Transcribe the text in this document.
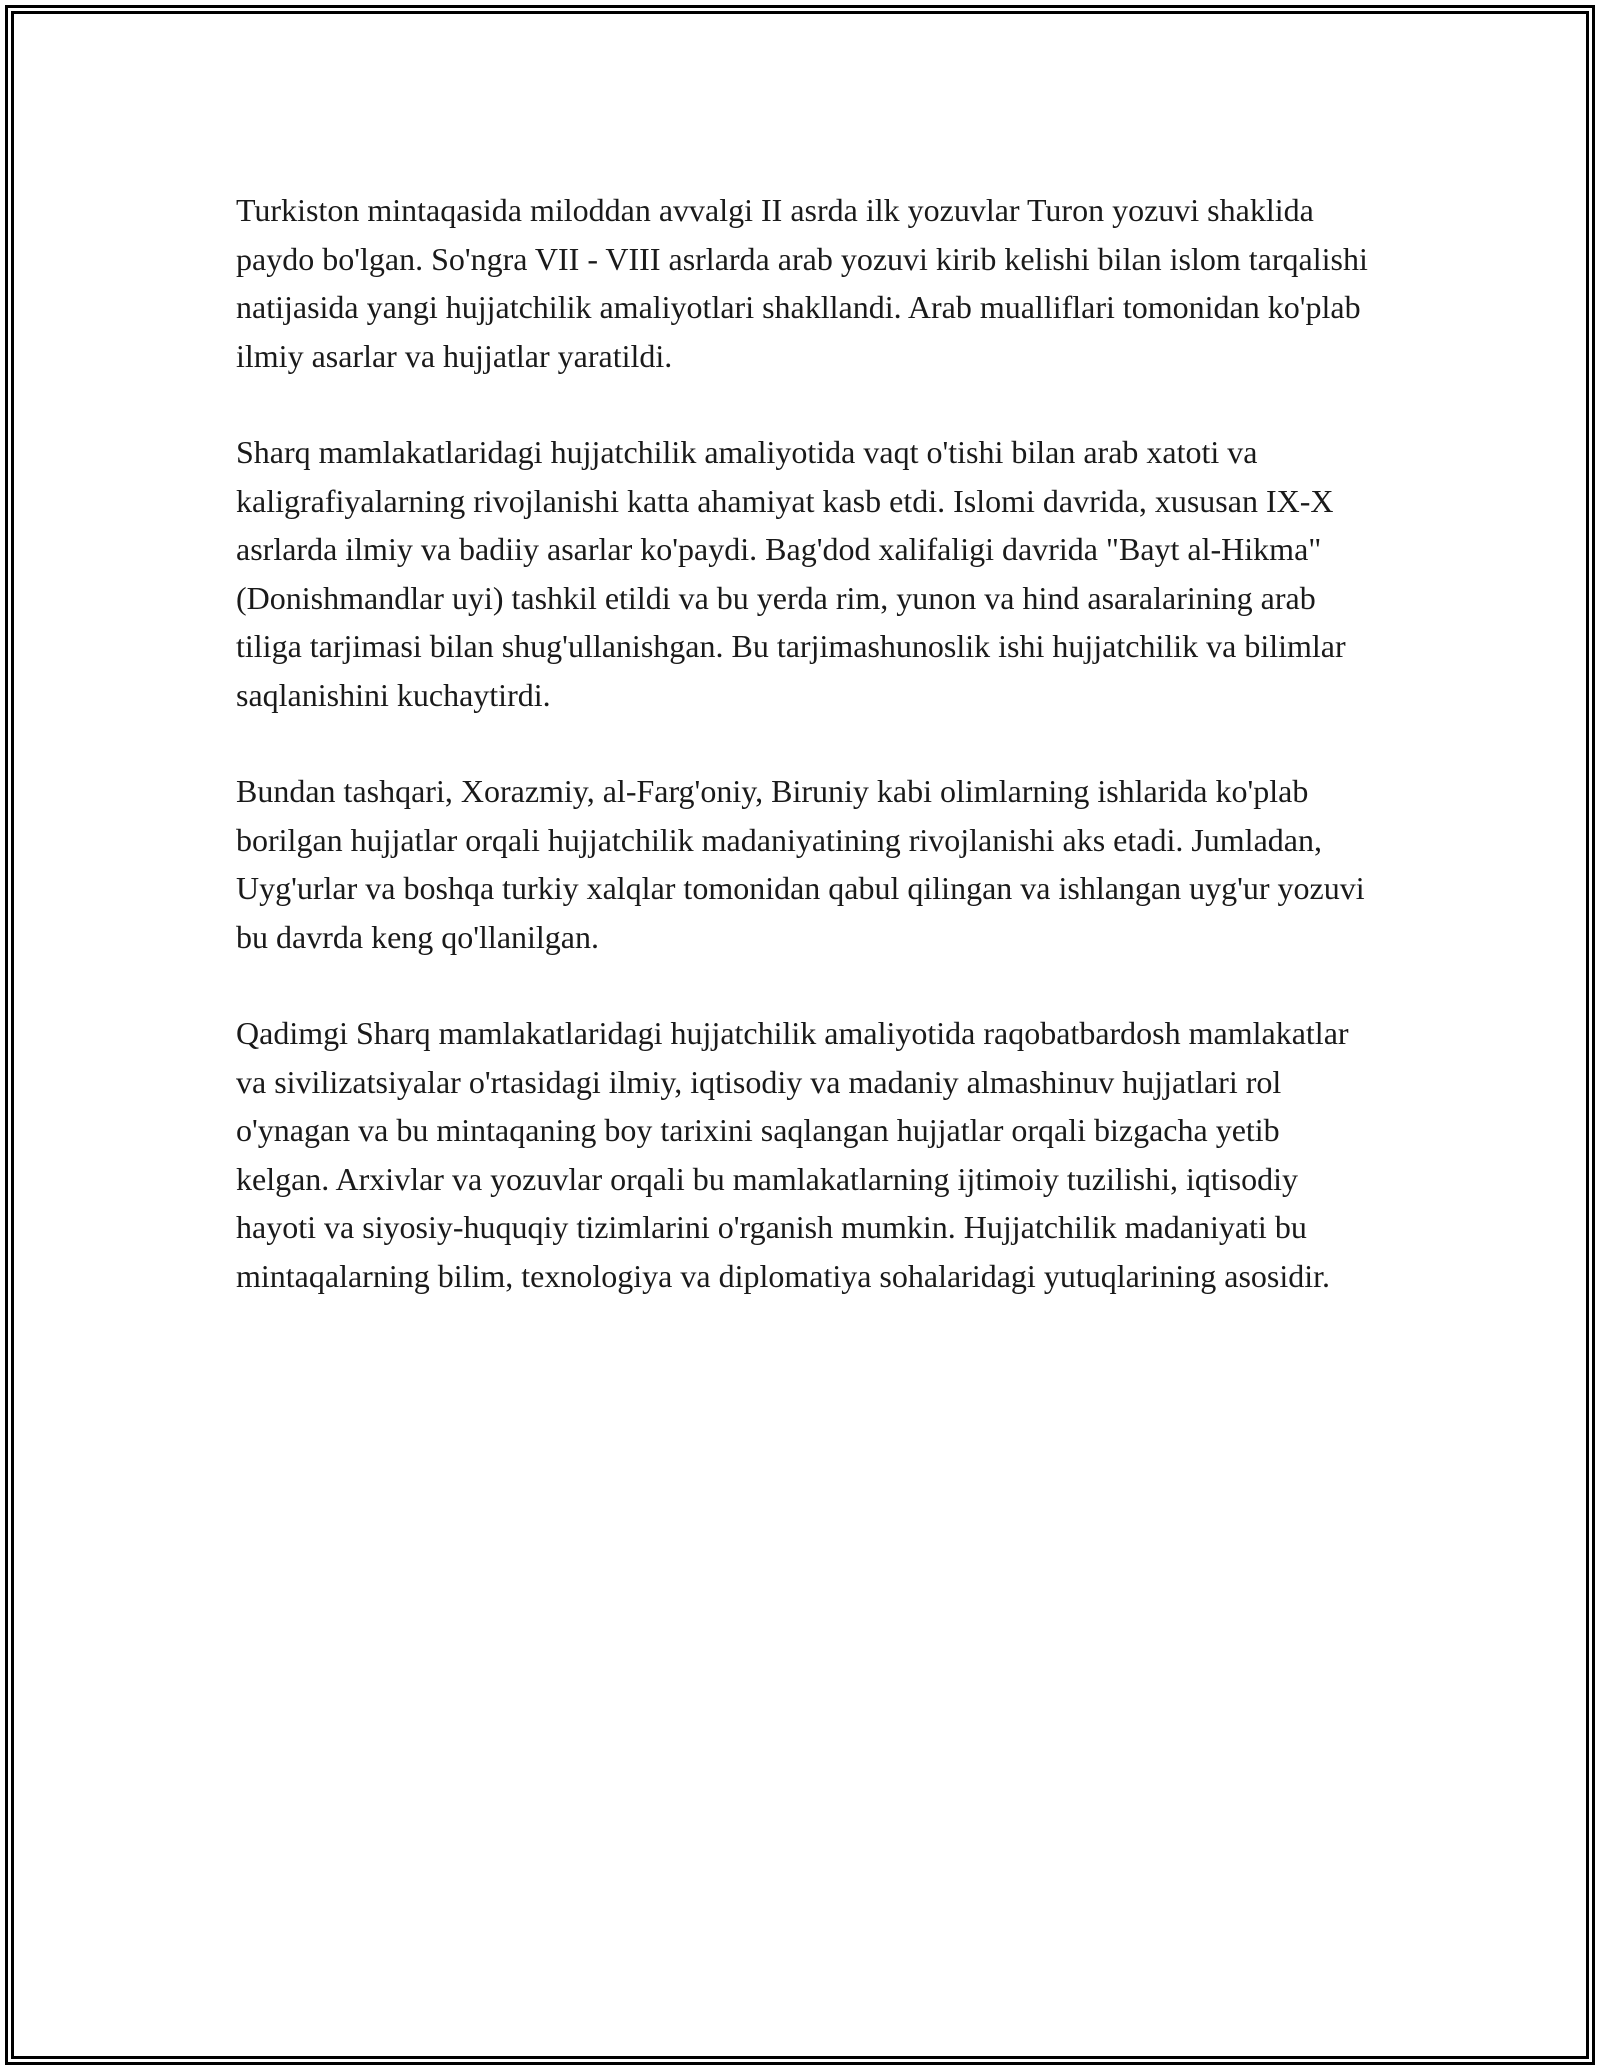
Turkiston mintaqasida miloddan avvalgi II asrda ilk yozuvlar Turon yozuvi shaklida paydo bo'lgan. So'ngra VII - VIII asrlarda arab yozuvi kirib kelishi bilan islom tarqalishi natijasida yangi hujjatchilik amaliyotlari shakllandi. Arab mualliflari tomonidan ko'plab ilmiy asarlar va hujjatlar yaratildi.

Sharq mamlakatlaridagi hujjatchilik amaliyotida vaqt o'tishi bilan arab xatoti va kaligrafiyalarning rivojlanishi katta ahamiyat kasb etdi. Islomi davrida, xususan IX-X asrlarda ilmiy va badiiy asarlar ko'paydi. Bag'dod xalifaligi davrida "Bayt al-Hikma" (Donishmandlar uyi) tashkil etildi va bu yerda rim, yunon va hind asaralarining arab tiliga tarjimasi bilan shug'ullanishgan. Bu tarjimashunoslik ishi hujjatchilik va bilimlar saqlanishini kuchaytirdi.

Bundan tashqari, Xorazmiy, al-Farg'oniy, Biruniy kabi olimlarning ishlarida ko'plab borilgan hujjatlar orqali hujjatchilik madaniyatining rivojlanishi aks etadi. Jumladan, Uyg'urlar va boshqa turkiy xalqlar tomonidan qabul qilingan va ishlangan uyg'ur yozuvi bu davrda keng qo'llanilgan.

Qadimgi Sharq mamlakatlaridagi hujjatchilik amaliyotida raqobatbardosh mamlakatlar va sivilizatsiyalar o'rtasidagi ilmiy, iqtisodiy va madaniy almashinuv hujjatlari rol o'ynagan va bu mintaqaning boy tarixini saqlangan hujjatlar orqali bizgacha yetib kelgan. Arxivlar va yozuvlar orqali bu mamlakatlarning ijtimoiy tuzilishi, iqtisodiy hayoti va siyosiy-huquqiy tizimlarini o'rganish mumkin. Hujjatchilik madaniyati bu mintaqalarning bilim, texnologiya va diplomatiya sohalaridagi yutuqlarining asosidir.
